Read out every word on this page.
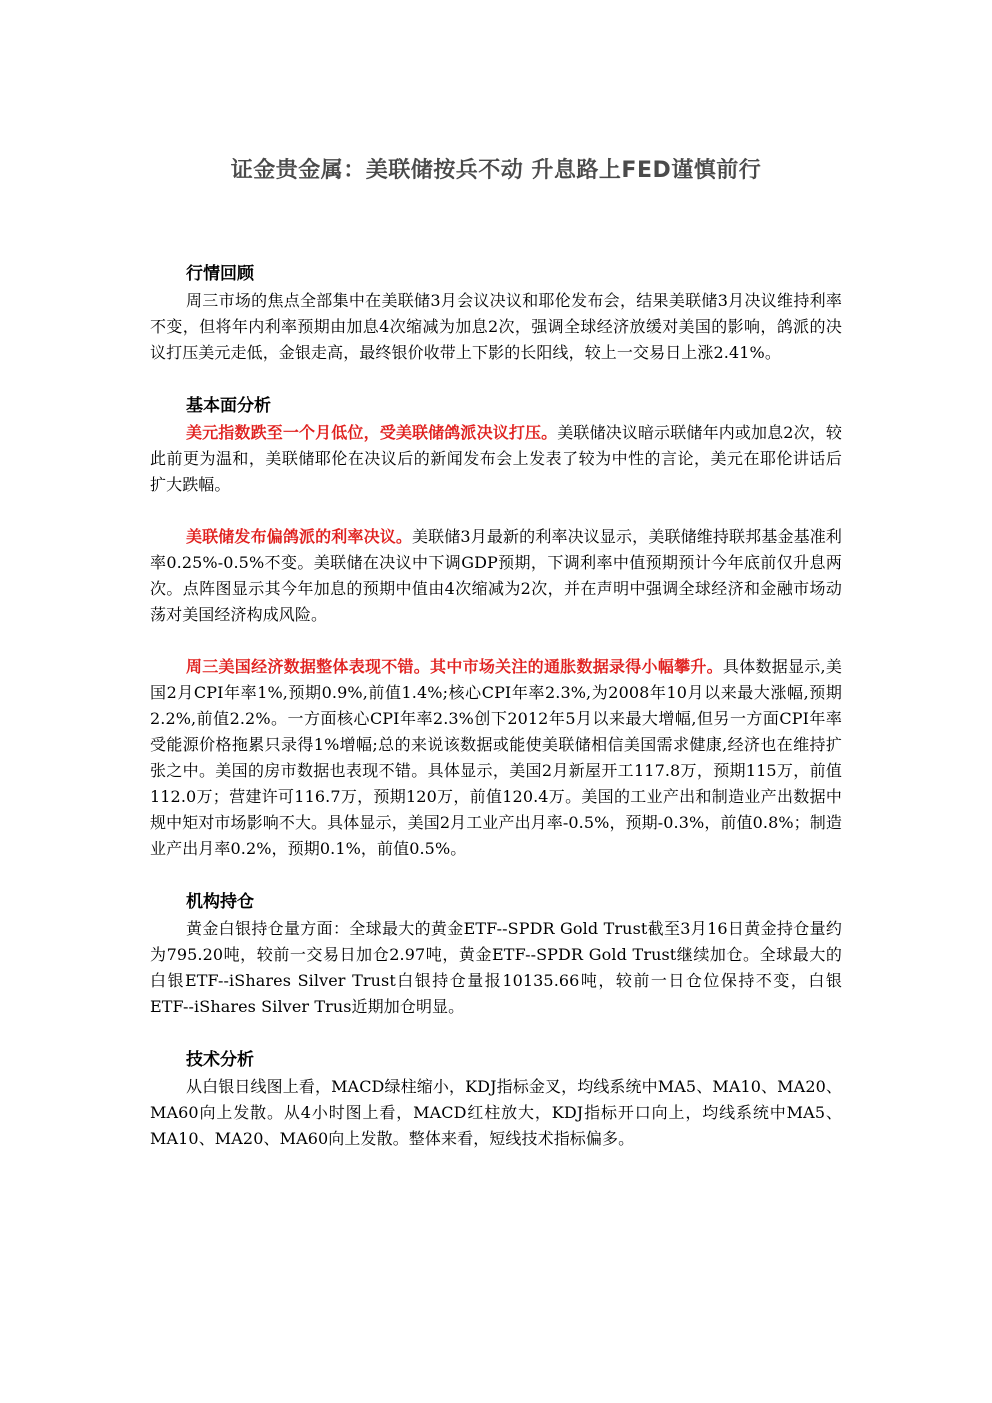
证金贵金属：美联储按兵不动 升息路上FED谨慎前行
行情回顾

周三市场的焦点全部集中在美联储3月会议决议和耶伦发布会，结果美联储3月决议维持利率不变，但将年内利率预期由加息4次缩减为加息2次，强调全球经济放缓对美国的影响，鸽派的决议打压美元走低，金银走高，最终银价收带上下影的长阳线，较上一交易日上涨2.41%。

基本面分析

美元指数跌至一个月低位，受美联储鸽派决议打压。美联储决议暗示联储年内或加息2次，较此前更为温和，美联储耶伦在决议后的新闻发布会上发表了较为中性的言论，美元在耶伦讲话后扩大跌幅。

美联储发布偏鸽派的利率决议。美联储3月最新的利率决议显示，美联储维持联邦基金基准利率0.25%-0.5%不变。美联储在决议中下调GDP预期，下调利率中值预期预计今年底前仅升息两次。点阵图显示其今年加息的预期中值由4次缩减为2次，并在声明中强调全球经济和金融市场动荡对美国经济构成风险。

周三美国经济数据整体表现不错。其中市场关注的通胀数据录得小幅攀升。具体数据显示,美国2月CPI年率1%,预期0.9%,前值1.4%;核心CPI年率2.3%,为2008年10月以来最大涨幅,预期2.2%,前值2.2%。一方面核心CPI年率2.3%创下2012年5月以来最大增幅,但另一方面CPI年率受能源价格拖累只录得1%增幅;总的来说该数据或能使美联储相信美国需求健康,经济也在维持扩张之中。美国的房市数据也表现不错。具体显示，美国2月新屋开工117.8万，预期115万，前值112.0万；营建许可116.7万，预期120万，前值120.4万。美国的工业产出和制造业产出数据中规中矩对市场影响不大。具体显示，美国2月工业产出月率-0.5%，预期-0.3%，前值0.8%；制造业产出月率0.2%，预期0.1%，前值0.5%。

机构持仓

黄金白银持仓量方面：全球最大的黄金ETF--SPDR Gold Trust截至3月16日黄金持仓量约为795.20吨，较前一交易日加仓2.97吨，黄金ETF--SPDR Gold Trust继续加仓。全球最大的白银ETF--iShares Silver Trust白银持仓量报10135.66吨，较前一日仓位保持不变，白银ETF--iShares Silver Trus近期加仓明显。

技术分析

从白银日线图上看，MACD绿柱缩小，KDJ指标金叉，均线系统中MA5、MA10、MA20、MA60向上发散。从4小时图上看，MACD红柱放大，KDJ指标开口向上，均线系统中MA5、MA10、MA20、MA60向上发散。整体来看，短线技术指标偏多。
